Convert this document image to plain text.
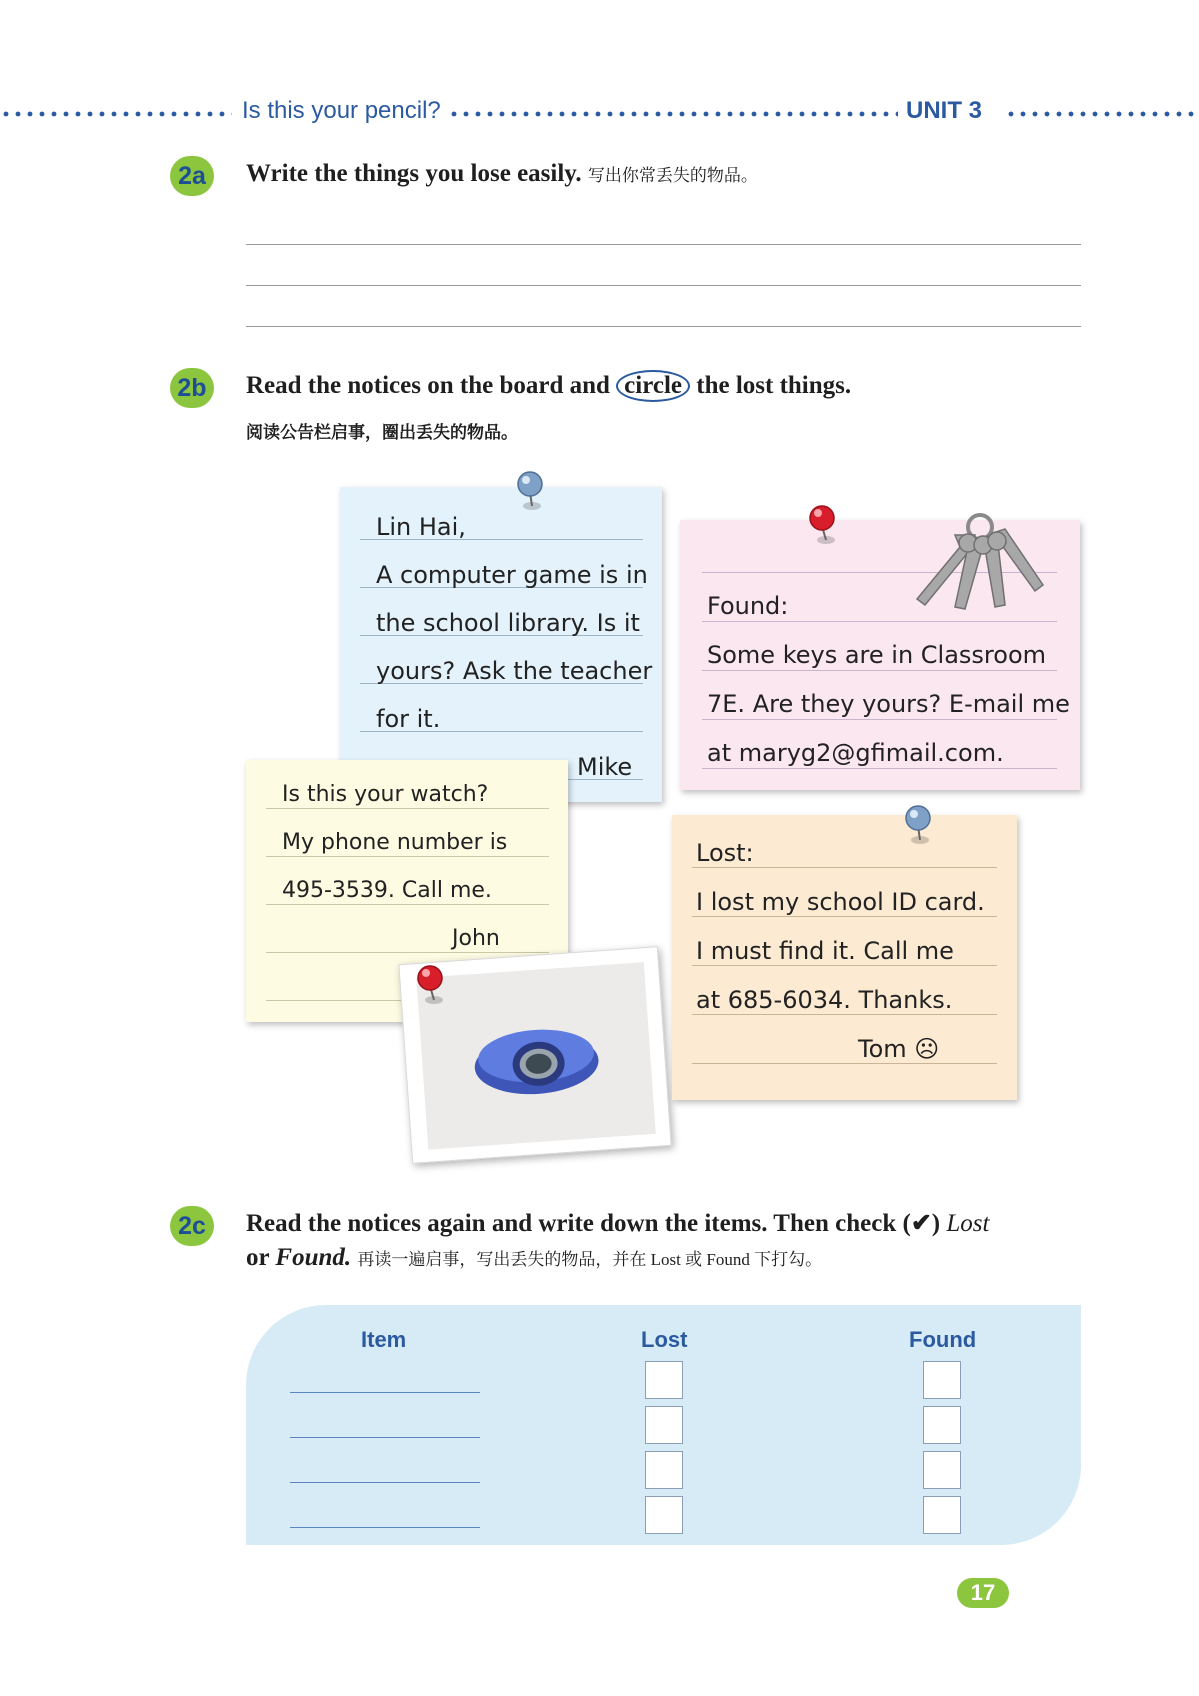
Is this your pencil?	UNIT 3
2a	Write the things you lose easily. 写出你常丢失的物品。
2b Read the notices on the board and circle the lost things.
阅读公告栏启事，圈出丢失的物品。
Lin Hai,
A computer game is in
the school library. Is it
yours? Ask the teacher
for it.
Mike
Found:
Some keys are in Classroom
7E. Are they yours? E-mail me
at maryg2@gfimail.com.
Is this your watch?
My phone number is
495-3539. Call me.
John
Lost:
I lost my school ID card.
I must find it. Call me
at 685-6034. Thanks.
Tom ☹
2c	Read the notices again and write down the items. Then check (✔) Lost
or Found. 再读一遍启事，写出丢失的物品，并在 Lost 或 Found 下打勾。
Item	Lost	Found
17
